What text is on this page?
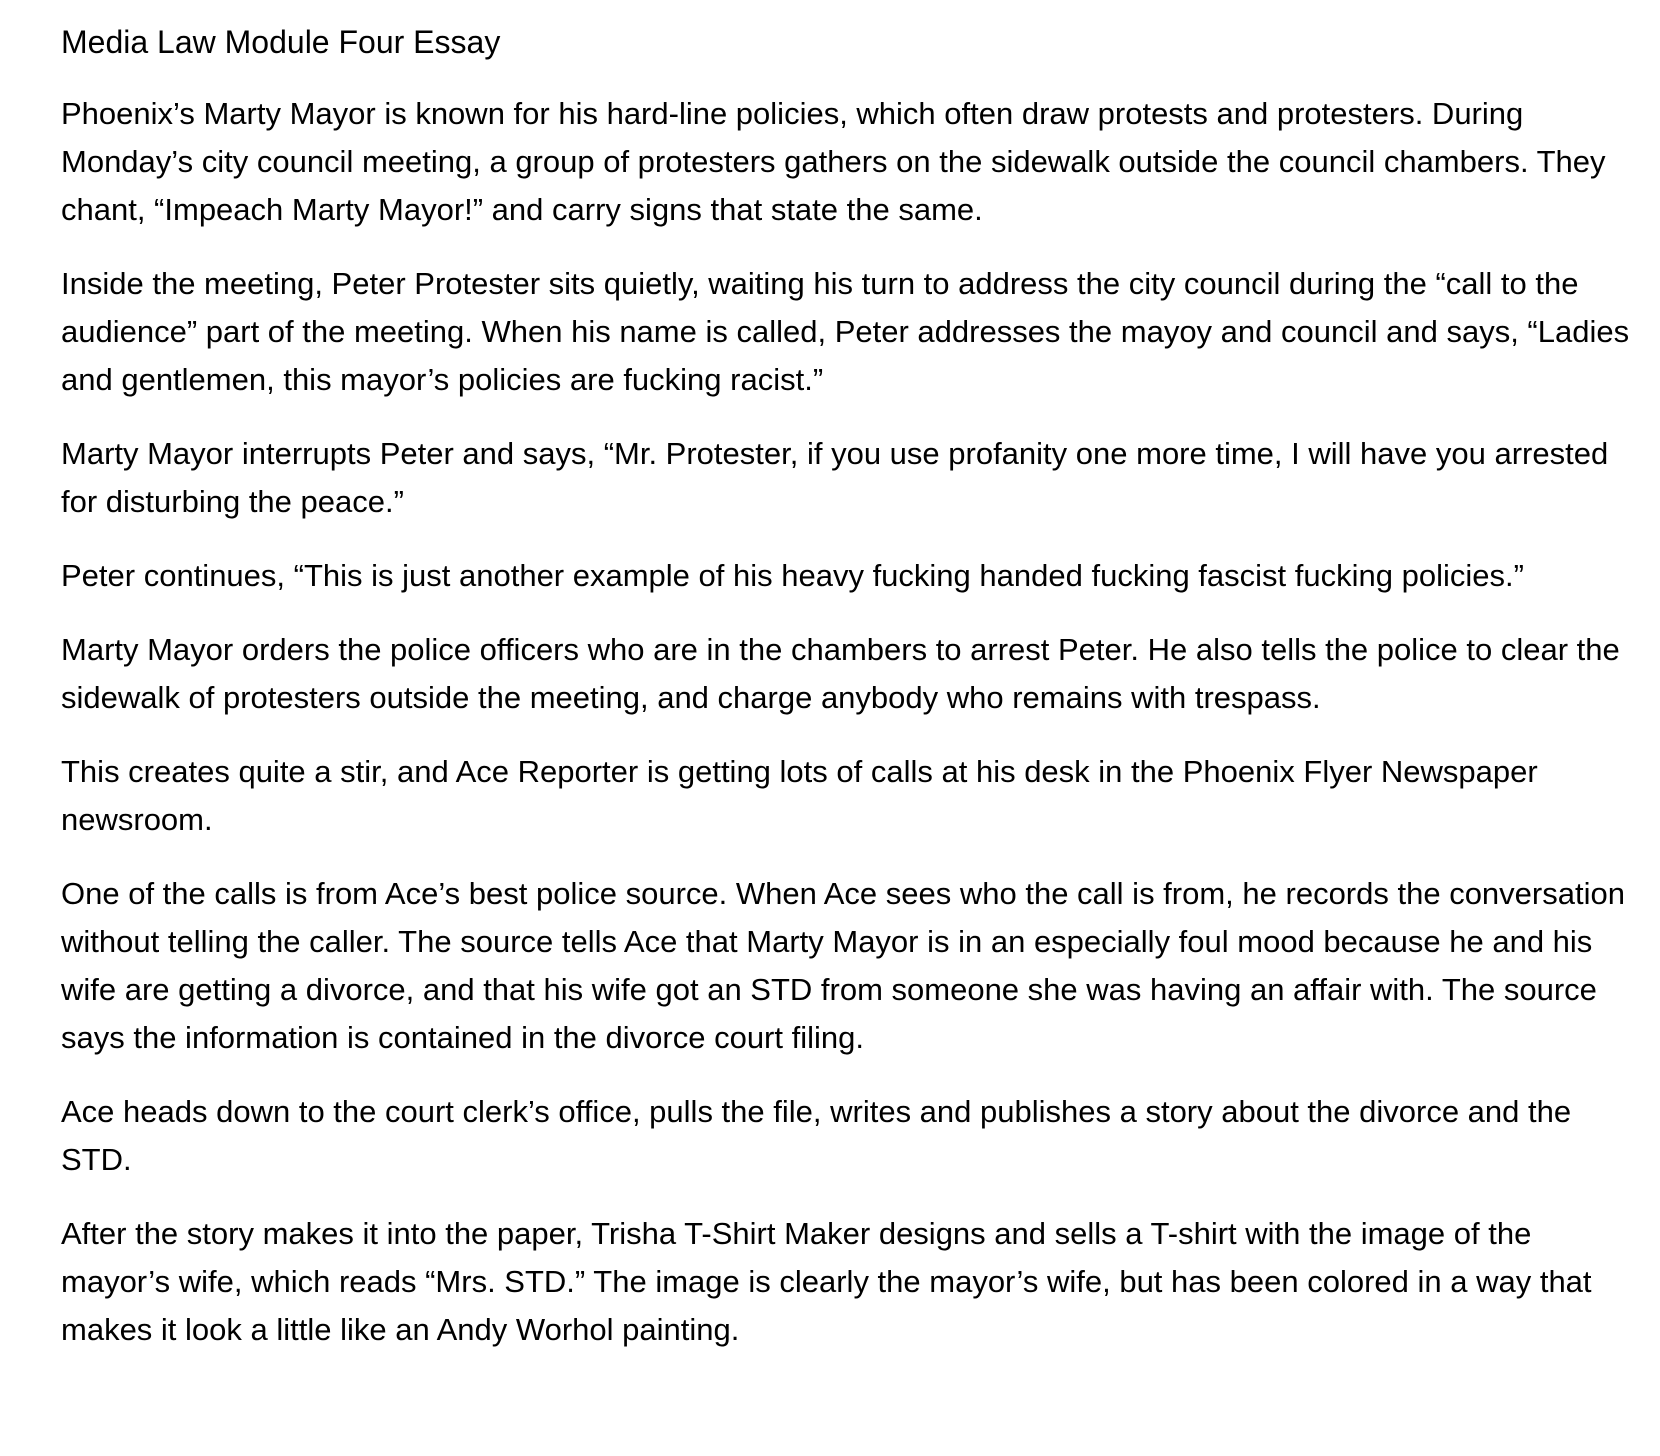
Media Law Module Four Essay

Phoenix’s Marty Mayor is known for his hard-line policies, which often draw protests and protesters. During Monday’s city council meeting, a group of protesters gathers on the sidewalk outside the council chambers. They chant, “Impeach Marty Mayor!” and carry signs that state the same.

Inside the meeting, Peter Protester sits quietly, waiting his turn to address the city council during the “call to the audience” part of the meeting. When his name is called, Peter addresses the mayoy and council and says, “Ladies and gentlemen, this mayor’s policies are fucking racist.”

Marty Mayor interrupts Peter and says, “Mr. Protester, if you use profanity one more time, I will have you arrested for disturbing the peace.”

Peter continues, “This is just another example of his heavy fucking handed fucking fascist fucking policies.”

Marty Mayor orders the police officers who are in the chambers to arrest Peter. He also tells the police to clear the sidewalk of protesters outside the meeting, and charge anybody who remains with trespass.

This creates quite a stir, and Ace Reporter is getting lots of calls at his desk in the Phoenix Flyer Newspaper newsroom.

One of the calls is from Ace’s best police source. When Ace sees who the call is from, he records the conversation without telling the caller. The source tells Ace that Marty Mayor is in an especially foul mood because he and his wife are getting a divorce, and that his wife got an STD from someone she was having an affair with. The source says the information is contained in the divorce court filing.

Ace heads down to the court clerk’s office, pulls the file, writes and publishes a story about the divorce and the STD.

After the story makes it into the paper, Trisha T-Shirt Maker designs and sells a T-shirt with the image of the mayor’s wife, which reads “Mrs. STD.” The image is clearly the mayor’s wife, but has been colored in a way that makes it look a little like an Andy Worhol painting.
